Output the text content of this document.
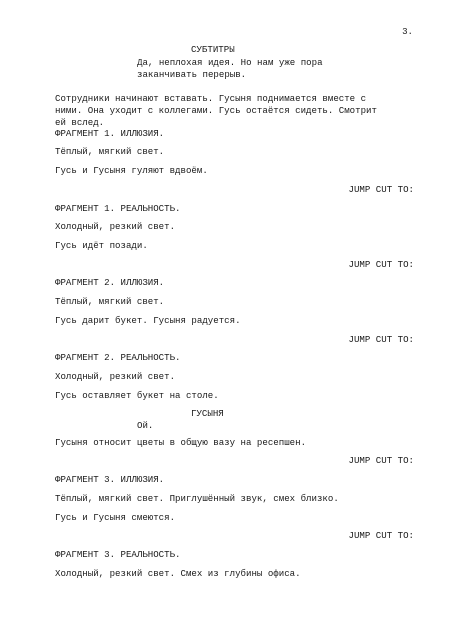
3.
СУБТИТРЫ
Да, неплохая идея. Но нам уже пора
заканчивать перерыв.
Сотрудники начинают вставать. Гусыня поднимается вместе с
ними. Она уходит с коллегами. Гусь остаётся сидеть. Смотрит
ей вслед.
ФРАГМЕНТ 1. ИЛЛЮЗИЯ.
Тёплый, мягкий свет.
Гусь и Гусыня гуляют вдвоём.
JUMP CUT TO:
ФРАГМЕНТ 1. РЕАЛЬНОСТЬ.
Холодный, резкий свет.
Гусь идёт позади.
JUMP CUT TO:
ФРАГМЕНТ 2. ИЛЛЮЗИЯ.
Тёплый, мягкий свет.
Гусь дарит букет. Гусыня радуется.
JUMP CUT TO:
ФРАГМЕНТ 2. РЕАЛЬНОСТЬ.
Холодный, резкий свет.
Гусь оставляет букет на столе.
ГУСЫНЯ
Ой.
Гусыня относит цветы в общую вазу на ресепшен.
JUMP CUT TO:
ФРАГМЕНТ 3. ИЛЛЮЗИЯ.
Тёплый, мягкий свет. Приглушённый звук, смех близко.
Гусь и Гусыня смеются.
JUMP CUT TO:
ФРАГМЕНТ 3. РЕАЛЬНОСТЬ.
Холодный, резкий свет. Смех из глубины офиса.
